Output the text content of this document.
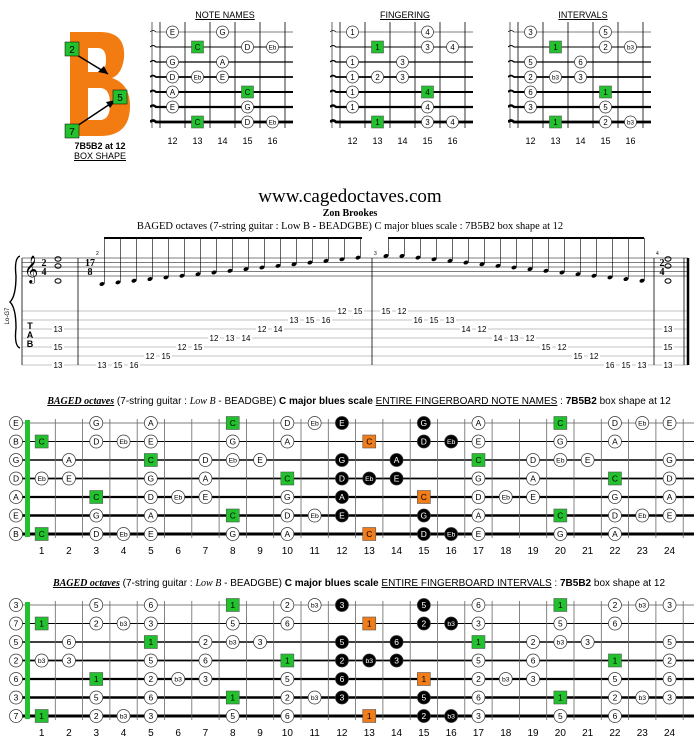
2
5
7
7B5B2 at 12
BOX SHAPE
NOTE NAMES
E	G
C	D	Eb
G	A
D	Eb E
A	C
E	G
C	D	Eb
12 13 14 15 16
FINGERING
1	4
1	3	4
1	3
1	2	3
1	4
1	4
1	3	4
12 13 14 15 16
INTERVALS
3	5
1	2	b3
5	6
2	b3 3
6	1
3	5
1	2	b3
12 13 14 15 16
www.cagedoctaves.com
Zon Brookes
BAGED octaves (7-string guitar : Low B - BEADGBE) C major blues scale : 7B5B2 box shape at 12
Lo-G7
𝄞 2
4
17
8
2
4
2	3	4
T
A
B
13
15
13	13 15 16
12 15
12 15
12 13 14
12 14
13 15 16
12 15 15 12
16 15 13
14 12
14 13 12
15 12
15 12
16 15 13
13
15
13
BAGED octaves (7-string guitar : Low B - BEADGBE) C major blues scale ENTIRE FINGERBOARD NOTE NAMES : 7B5B2 box shape at 12
E
B
G
D
A
E
B
G	A	C	D	Eb E	G	A	C	D	Eb E
C	D	Eb E	G	A	C	D	Eb E	G	A
A	C	D	Eb E	G	A	C	D	Eb E	G
Eb E	G	A	C	D	Eb E	G	A	C	D
C	D	Eb E	G	A	C	D	Eb E	G	A
G	A	C	D	Eb E	G	A	C	D	Eb E
C	D	Eb E	G	A	C	D	Eb E	G	A
1 2 3 4 5 6 7 8 9 10 11 12 13 14 15 16 17 18 19 20 21 22 23 24
BAGED octaves (7-string guitar : Low B - BEADGBE) C major blues scale ENTIRE FINGERBOARD INTERVALS : 7B5B2 box shape at 12
3
7
5
2
6
3
7
5	6	1	2	b3	3	5	6	1	2	b3	3
1	2	b3	3	5	6	1	2	b3	3	5	6
6	1	2	b3	3	5	6	1	2	b3	3	5
b3	3	5	6	1	2	b3	3	5	6	1	2
1	2	b3	3	5	6	1	2	b3	3	5	6
5	6	1	2	b3	3	5	6	1	2	b3	3
1	2	b3	3	5	6	1	2	b3	3	5	6
1 2 3 4 5 6 7 8 9 10 11 12 13 14 15 16 17 18 19 20 21 22 23 24
